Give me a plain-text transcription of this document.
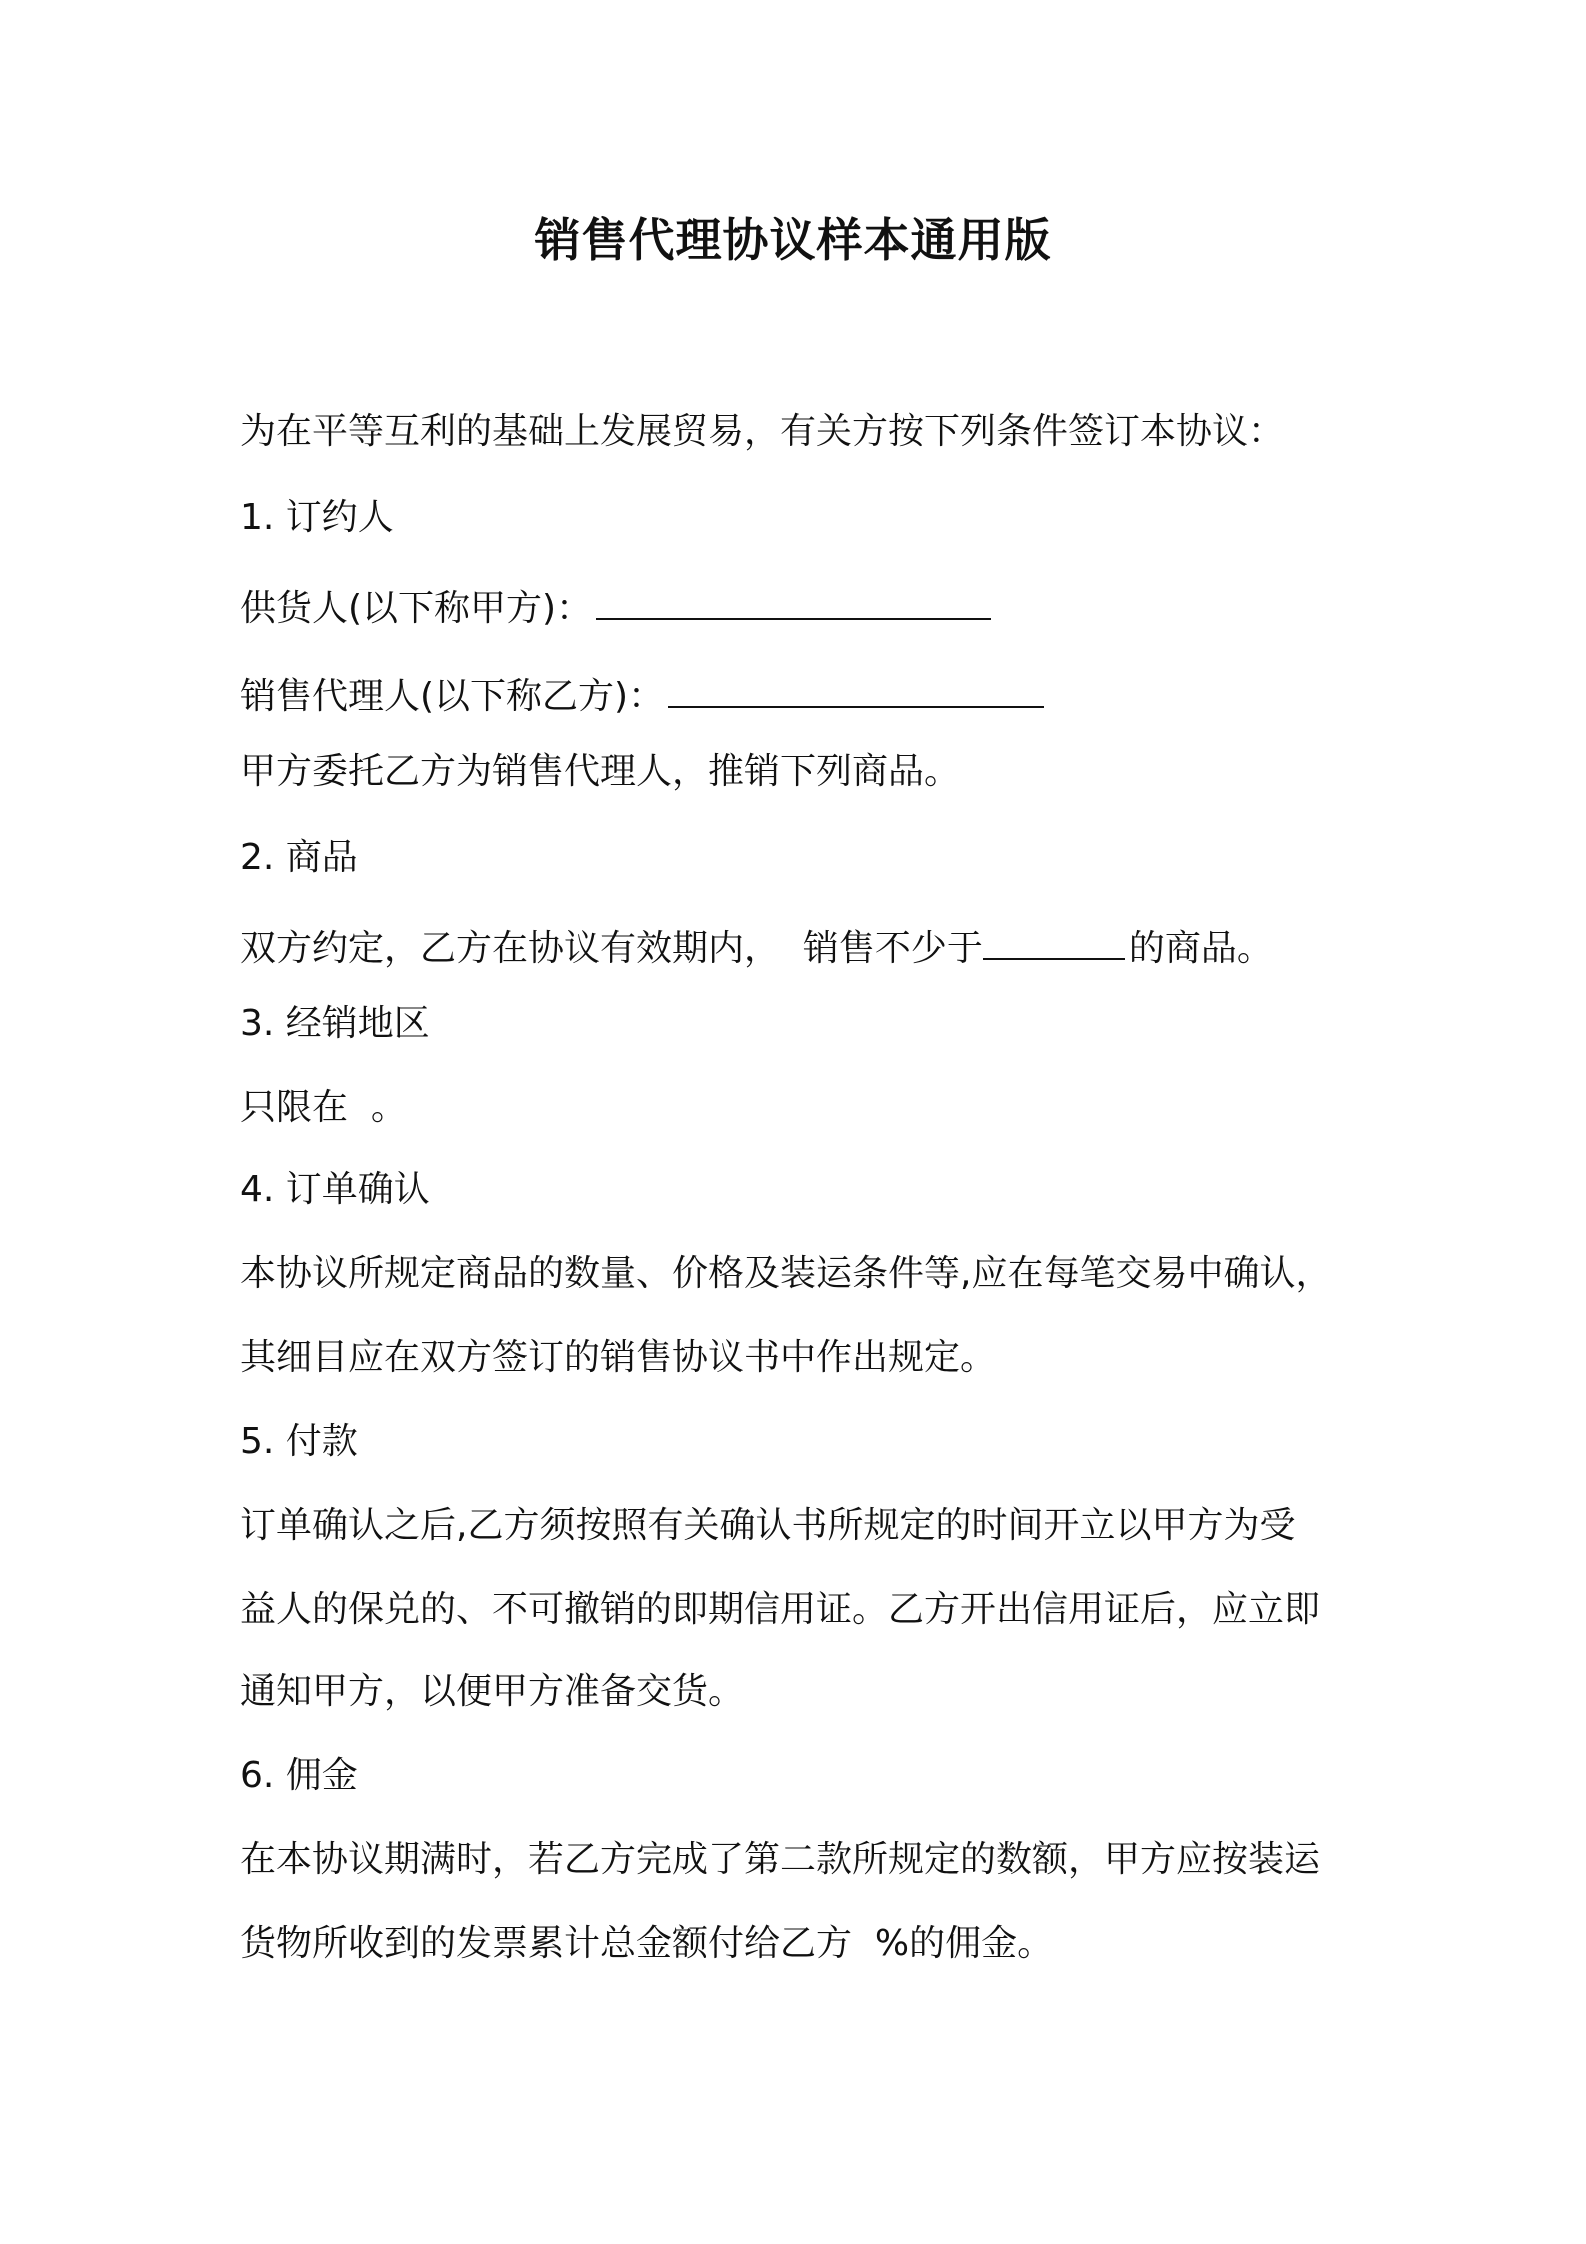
销售代理协议样本通用版

为在平等互利的基础上发展贸易，有关方按下列条件签订本协议：

1. 订约人

供货人(以下称甲方)：

销售代理人(以下称乙方)：

甲方委托乙方为销售代理人，推销下列商品。

2. 商品

双方约定，乙方在协议有效期内，  销售不少于	的商品。

3. 经销地区

只限在  。

4. 订单确认

本协议所规定商品的数量、价格及装运条件等,应在每笔交易中确认，

其细目应在双方签订的销售协议书中作出规定。

5. 付款

订单确认之后,乙方须按照有关确认书所规定的时间开立以甲方为受

益人的保兑的、不可撤销的即期信用证。乙方开出信用证后，应立即

通知甲方，以便甲方准备交货。

6. 佣金

在本协议期满时，若乙方完成了第二款所规定的数额，甲方应按装运

货物所收到的发票累计总金额付给乙方  %的佣金。
